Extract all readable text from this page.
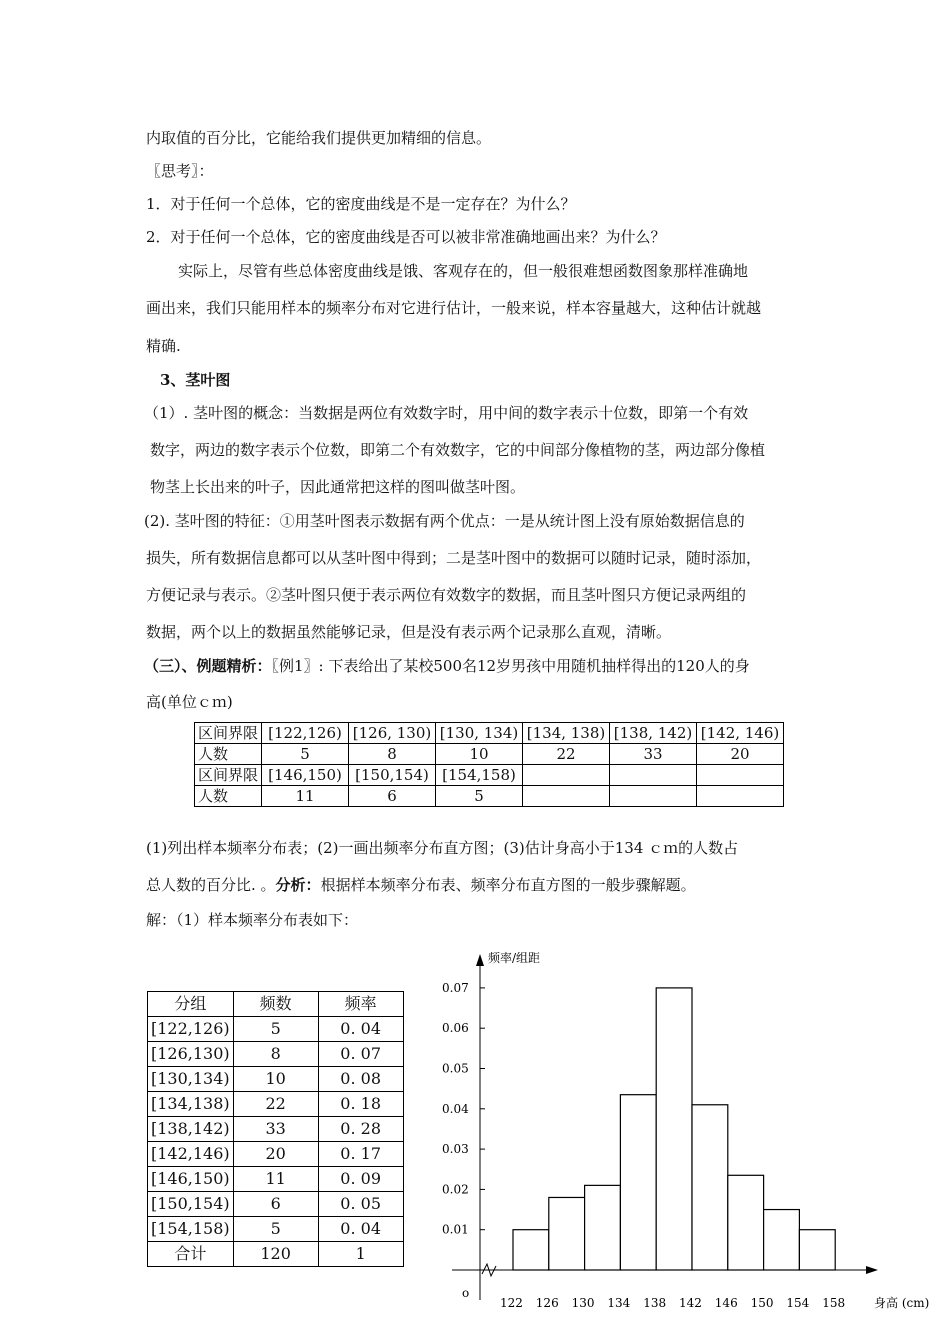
内取值的百分比，它能给我们提供更加精细的信息。
〖思考〗：
1．对于任何一个总体，它的密度曲线是不是一定存在？为什么？
2．对于任何一个总体，它的密度曲线是否可以被非常准确地画出来？为什么？
实际上，尽管有些总体密度曲线是饿、客观存在的，但一般很难想函数图象那样准确地
画出来，我们只能用样本的频率分布对它进行估计，一般来说，样本容量越大，这种估计就越
精确.
3、茎叶图
（1）. 茎叶图的概念：当数据是两位有效数字时，用中间的数字表示十位数，即第一个有效
数字，两边的数字表示个位数，即第二个有效数字，它的中间部分像植物的茎，两边部分像植
物茎上长出来的叶子，因此通常把这样的图叫做茎叶图。
(2). 茎叶图的特征：①用茎叶图表示数据有两个优点：一是从统计图上没有原始数据信息的
损失，所有数据信息都可以从茎叶图中得到；二是茎叶图中的数据可以随时记录，随时添加，
方便记录与表示。②茎叶图只便于表示两位有效数字的数据，而且茎叶图只方便记录两组的
数据，两个以上的数据虽然能够记录，但是没有表示两个记录那么直观，清晰。
（三）、例题精析：〖例1〗: 下表给出了某校500名12岁男孩中用随机抽样得出的120人的身
高(单位ｃｍ)
区间界限	[122,126)	[126, 130)	[130, 134)	[134, 138)	[138, 142)	[142, 146)
人数	5	8	10	22	33	20
区间界限	[146,150)	[150,154)	[154,158)			
人数	11	6	5			
(1)列出样本频率分布表；(2)一画出频率分布直方图；(3)估计身高小于134 ｃｍ的人数占
总人数的百分比. 。分析：根据样本频率分布表、频率分布直方图的一般步骤解题。
解：（1）样本频率分布表如下：
分组	频数	频率
[122,126)	5	0. 04
[126,130)	8	0. 07
[130,134)	10	0. 08
[134,138)	22	0. 18
[138,142)	33	0. 28
[142,146)	20	0. 17
[146,150)	11	0. 09
[150,154)	6	0. 05
[154,158)	5	0. 04
合计	120	1
0.01
0.02
0.03
0.04
0.05
0.06
0.07
122 126 130 134 138 142 146 150 154 158
频率/组距
身高 (cm)
o
